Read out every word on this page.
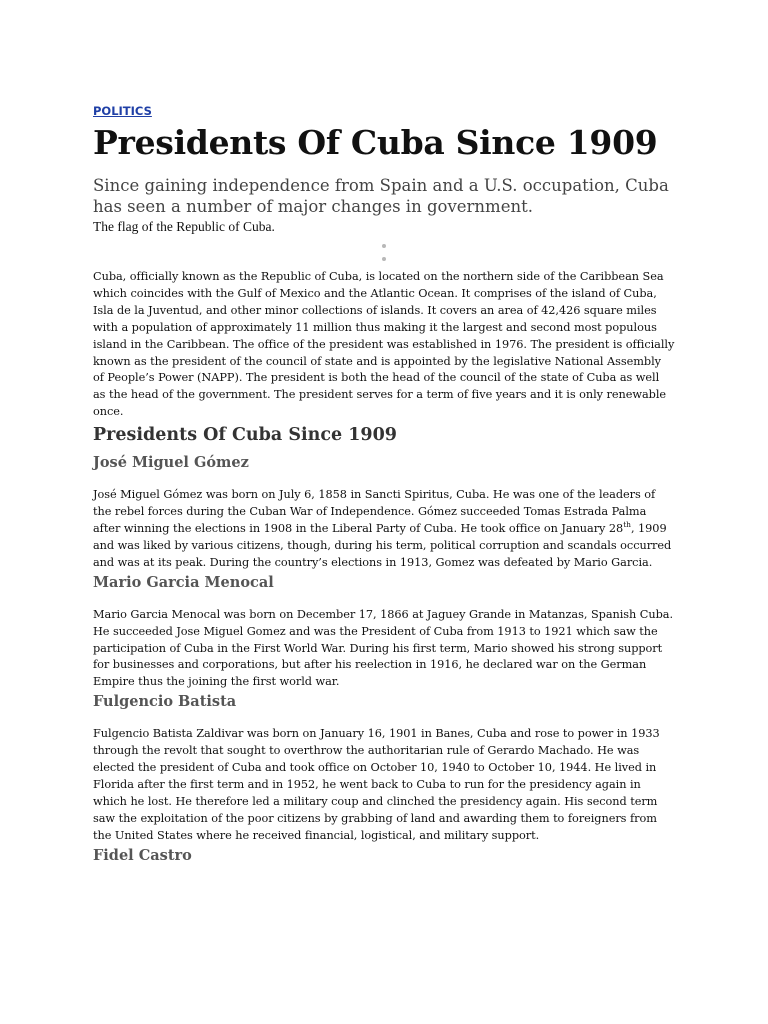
POLITICS
Presidents Of Cuba Since 1909

Since gaining independence from Spain and a U.S. occupation, Cuba has seen a number of major changes in government.

The flag of the Republic of Cuba.

Cuba, officially known as the Republic of Cuba, is located on the northern side of the Caribbean Sea which coincides with the Gulf of Mexico and the Atlantic Ocean. It comprises of the island of Cuba, Isla de la Juventud, and other minor collections of islands. It covers an area of 42,426 square miles with a population of approximately 11 million thus making it the largest and second most populous island in the Caribbean. The office of the president was established in 1976. The president is officially known as the president of the council of state and is appointed by the legislative National Assembly of People’s Power (NAPP). The president is both the head of the council of the state of Cuba as well as the head of the government. The president serves for a term of five years and it is only renewable once.

Presidents Of Cuba Since 1909
José Miguel Gómez

José Miguel Gómez was born on July 6, 1858 in Sancti Spiritus, Cuba. He was one of the leaders of the rebel forces during the Cuban War of Independence. Gómez succeeded Tomas Estrada Palma after winning the elections in 1908 in the Liberal Party of Cuba. He took office on January 28th, 1909 and was liked by various citizens, though, during his term, political corruption and scandals occurred and was at its peak. During the country’s elections in 1913, Gomez was defeated by Mario Garcia.

Mario Garcia Menocal

Mario Garcia Menocal was born on December 17, 1866 at Jaguey Grande in Matanzas, Spanish Cuba. He succeeded Jose Miguel Gomez and was the President of Cuba from 1913 to 1921 which saw the participation of Cuba in the First World War. During his first term, Mario showed his strong support for businesses and corporations, but after his reelection in 1916, he declared war on the German Empire thus the joining the first world war.

Fulgencio Batista

Fulgencio Batista Zaldivar was born on January 16, 1901 in Banes, Cuba and rose to power in 1933 through the revolt that sought to overthrow the authoritarian rule of Gerardo Machado. He was elected the president of Cuba and took office on October 10, 1940 to October 10, 1944. He lived in Florida after the first term and in 1952, he went back to Cuba to run for the presidency again in which he lost. He therefore led a military coup and clinched the presidency again. His second term saw the exploitation of the poor citizens by grabbing of land and awarding them to foreigners from the United States where he received financial, logistical, and military support.

Fidel Castro
